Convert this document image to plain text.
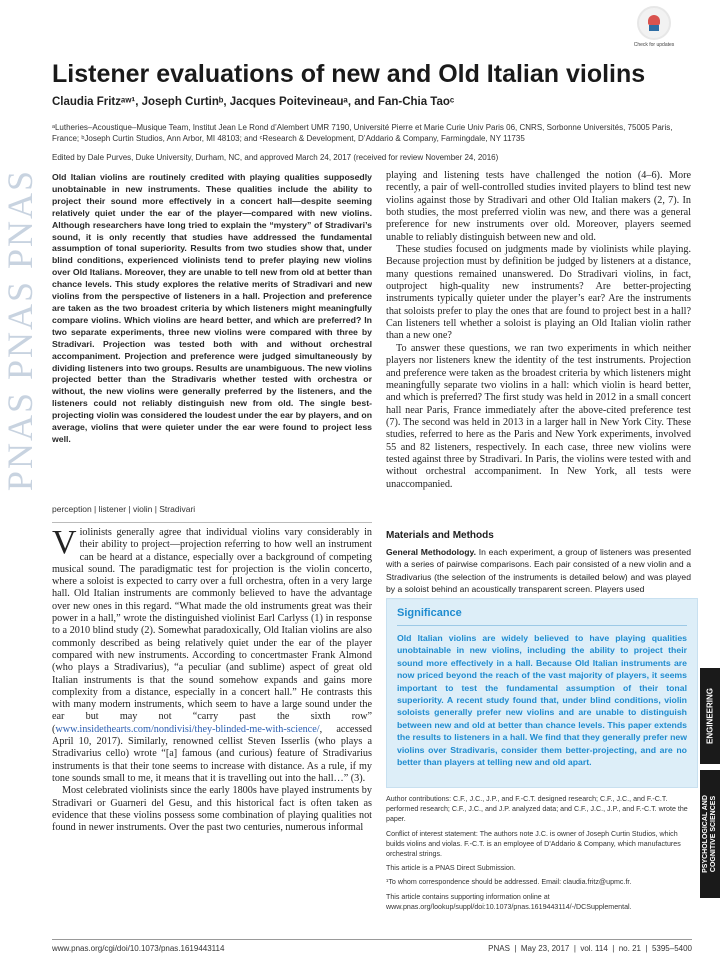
PNAS PNAS PNAS
Check for updates
Listener evaluations of new and Old Italian violins
Claudia Fritzᵃʷ¹, Joseph Curtinᵇ, Jacques Poitevineauᵃ, and Fan-Chia Taoᶜ
ᵃLutheries–Acoustique–Musique Team, Institut Jean Le Rond d’Alembert UMR 7190, Université Pierre et Marie Curie Univ Paris 06, CNRS, Sorbonne Universités, 75005 Paris, France; ᵇJoseph Curtin Studios, Ann Arbor, MI 48103; and ᶜResearch & Development, D’Addario & Company, Farmingdale, NY 11735
Edited by Dale Purves, Duke University, Durham, NC, and approved March 24, 2017 (received for review November 24, 2016)

Old Italian violins are routinely credited with playing qualities supposedly unobtainable in new instruments. These qualities include the ability to project their sound more effectively in a concert hall—despite seeming relatively quiet under the ear of the player—compared with new violins. Although researchers have long tried to explain the “mystery” of Stradivari’s sound, it is only recently that studies have addressed the fundamental assumption of tonal superiority. Results from two studies show that, under blind conditions, experienced violinists tend to prefer playing new violins over Old Italians. Moreover, they are unable to tell new from old at better than chance levels. This study explores the relative merits of Stradivari and new violins from the perspective of listeners in a hall. Projection and preference are taken as the two broadest criteria by which listeners might meaningfully compare violins. Which violins are heard better, and which are preferred? In two separate experiments, three new violins were compared with three by Stradivari. Projection was tested both with and without orchestral accompaniment. Projection and preference were judged simultaneously by dividing listeners into two groups. Results are unambiguous. The new violins projected better than the Stradivaris whether tested with orchestra or without, the new violins were generally preferred by the listeners, and the listeners could not reliably distinguish new from old. The single best-projecting violin was considered the loudest under the ear by players, and on average, violins that were quieter under the ear were found to project less well.

perception | listener | violin | Stradivari

Violinists generally agree that individual violins vary considerably in their ability to project—projection referring to how well an instrument can be heard at a distance, especially over a background of competing musical sound. The paradigmatic test for projection is the violin concerto, where a soloist is expected to carry over a full orchestra, often in a very large hall. Old Italian instruments are commonly believed to have the advantage over new ones in this regard. “What made the old instruments great was their power in a hall,” wrote the distinguished violinist Earl Carlyss (1) in response to a 2010 blind study (2). Somewhat paradoxically, Old Italian violins are also commonly described as being relatively quiet under the ear of the player compared with new instruments. According to concertmaster Frank Almond (who plays a Stradivarius), “a peculiar (and sublime) aspect of great old Italian instruments is that the sound somehow expands and gains more complexity from a distance, especially in a concert hall.” He contrasts this with many modern instruments, which seem to have a large sound under the ear but may not “carry past the sixth row” (www.insidethearts.com/nondivisi/they-blinded-me-with-science/, accessed April 10, 2017). Similarly, renowned cellist Steven Isserlis (who plays a Stradivarius cello) wrote “[a] famous (and curious) feature of Stradivarius instruments is that their tone seems to increase with distance. As a rule, if my tone sounds small to me, it means that it is travelling out into the hall…” (3).

Most celebrated violinists since the early 1800s have played instruments by Stradivari or Guarneri del Gesu, and this historical fact is often taken as evidence that these violins possess some combination of playing qualities not found in newer instruments. Over the past two centuries, numerous informal

playing and listening tests have challenged the notion (4–6). More recently, a pair of well-controlled studies invited players to blind test new violins against those by Stradivari and other Old Italian makers (2, 7). In both studies, the most preferred violin was new, and there was a general preference for new instruments over old. Moreover, players seemed unable to reliably distinguish between new and old.

These studies focused on judgments made by violinists while playing. Because projection must by definition be judged by listeners at a distance, many questions remained unanswered. Do Stradivari violins, in fact, outproject high-quality new instruments? Are better-projecting instruments typically quieter under the player’s ear? Are the instruments that soloists prefer to play the ones that are found to project best in a hall? Can listeners tell whether a soloist is playing an Old Italian violin rather than a new one?

To answer these questions, we ran two experiments in which neither players nor listeners knew the identity of the test instruments. Projection and preference were taken as the broadest criteria by which listeners might meaningfully separate two violins in a hall: which violin is heard better, and which is preferred? The first study was held in 2012 in a small concert hall near Paris, France immediately after the above-cited preference test (7). The second was held in 2013 in a larger hall in New York City. These studies, referred to here as the Paris and New York experiments, involved 55 and 82 listeners, respectively. In each case, three new violins were tested against three by Stradivari. In Paris, the violins were tested with and without orchestral accompaniment. In New York, all tests were unaccompanied.

Materials and Methods

General Methodology. In each experiment, a group of listeners was presented with a series of pairwise comparisons. Each pair consisted of a new violin and a Stradivarius (the selection of the instruments is detailed below) and was played by a soloist behind an acoustically transparent screen. Players used

Significance

Old Italian violins are widely believed to have playing qualities unobtainable in new violins, including the ability to project their sound more effectively in a hall. Because Old Italian instruments are now priced beyond the reach of the vast majority of players, it seems important to test the fundamental assumption of their tonal superiority. A recent study found that, under blind conditions, violin soloists generally prefer new violins and are unable to distinguish between new and old at better than chance levels. This paper extends the results to listeners in a hall. We find that they generally prefer new violins over Stradivaris, consider them better-projecting, and are no better than players at telling new and old apart.

Author contributions: C.F., J.C., J.P., and F.-C.T. designed research; C.F., J.C., and F.-C.T. performed research; C.F., J.C., and J.P. analyzed data; and C.F., J.C., J.P., and F.-C.T. wrote the paper.

Conflict of interest statement: The authors note J.C. is owner of Joseph Curtin Studios, which builds violins and violas. F.-C.T. is an employee of D’Addario & Company, which manufactures orchestral strings.

This article is a PNAS Direct Submission.

¹To whom correspondence should be addressed. Email: claudia.fritz@upmc.fr.

This article contains supporting information online at www.pnas.org/lookup/suppl/doi:10.1073/pnas.1619443114/-/DCSupplemental.

ENGINEERING
PSYCHOLOGICAL AND COGNITIVE SCIENCES
www.pnas.org/cgi/doi/10.1073/pnas.1619443114	PNAS  |  May 23, 2017  |  vol. 114  |  no. 21  |  5395–5400
